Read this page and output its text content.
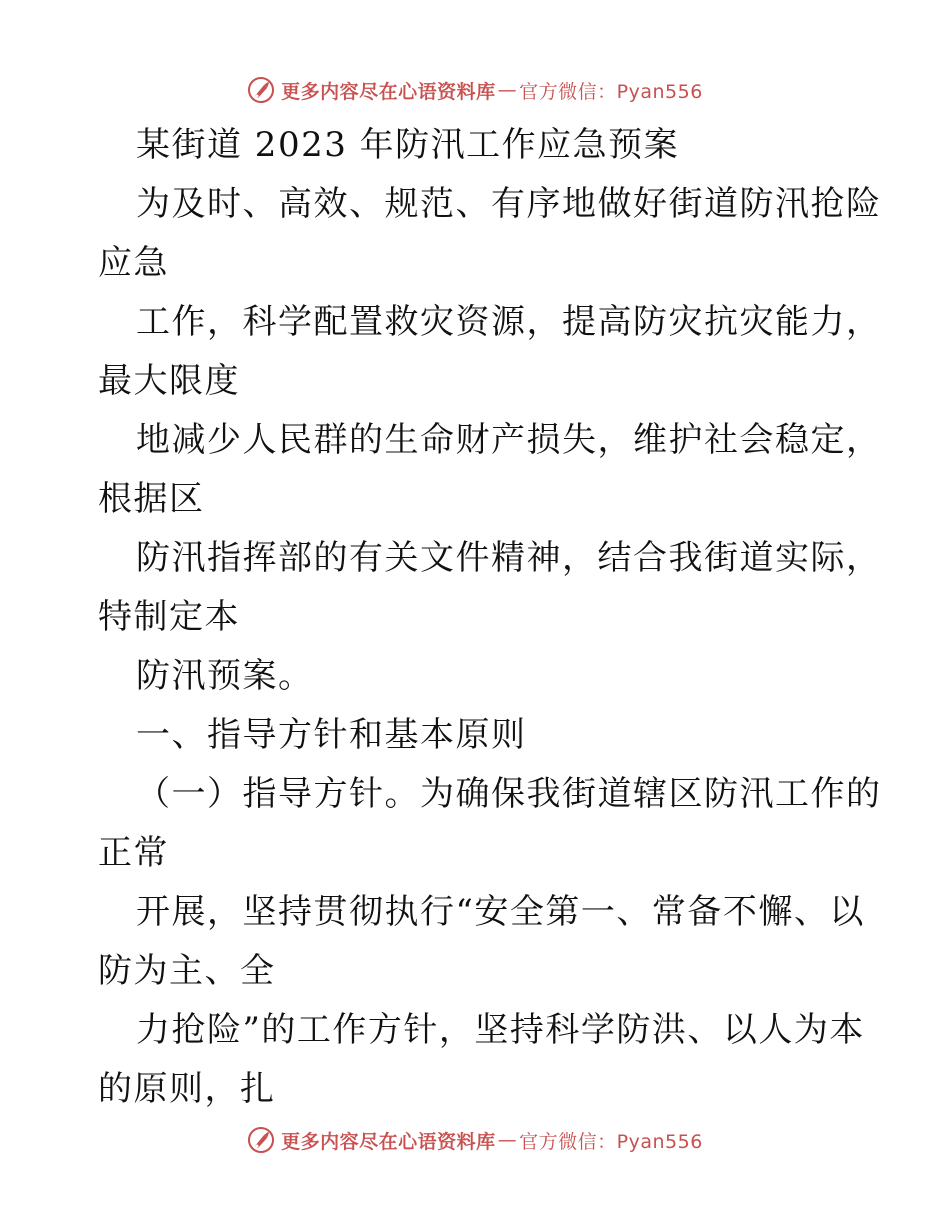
更多内容尽在心语资料库 — 官方微信：Pyan556
某街道 2023 年防汛工作应急预案
为及时、高效、规范、有序地做好街道防汛抢险
应急
工作，科学配置救灾资源，提高防灾抗灾能力，
最大限度
地减少人民群的生命财产损失，维护社会稳定，
根据区
防汛指挥部的有关文件精神，结合我街道实际，
特制定本
防汛预案。
一、指导方针和基本原则
（一）指导方针。为确保我街道辖区防汛工作的
正常
开展，坚持贯彻执行“安全第一、常备不懈、以
防为主、全
力抢险”的工作方针，坚持科学防洪、以人为本
的原则，扎
更多内容尽在心语资料库 — 官方微信：Pyan556
